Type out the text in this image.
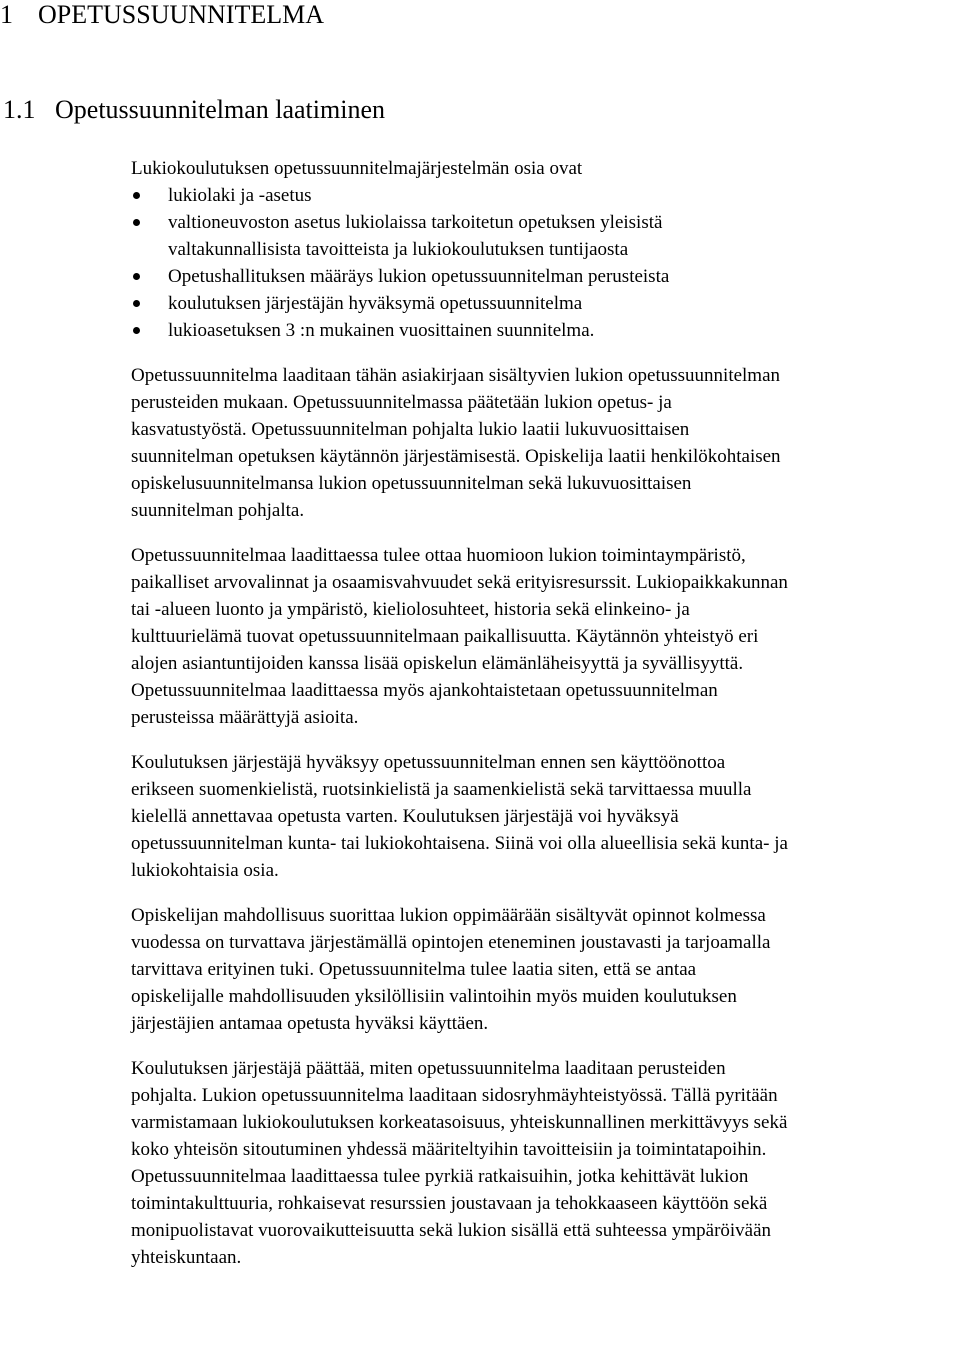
1 OPETUSSUUNNITELMA
1.1 Opetussuunnitelman laatiminen

Lukiokoulutuksen opetussuunnitelmajärjestelmän osia ovat

lukiolaki ja -asetus
valtioneuvoston asetus lukiolaissa tarkoitetun opetuksen yleisistä
valtakunnallisista tavoitteista ja lukiokoulutuksen tuntijaosta
Opetushallituksen määräys lukion opetussuunnitelman perusteista
koulutuksen järjestäjän hyväksymä opetussuunnitelma
lukioasetuksen 3 :n mukainen vuosittainen suunnitelma.

Opetussuunnitelma laaditaan tähän asiakirjaan sisältyvien lukion opetussuunnitelman
perusteiden mukaan. Opetussuunnitelmassa päätetään lukion opetus- ja
kasvatustyöstä. Opetussuunnitelman pohjalta lukio laatii lukuvuosittaisen
suunnitelman opetuksen käytännön järjestämisestä. Opiskelija laatii henkilökohtaisen
opiskelusuunnitelmansa lukion opetussuunnitelman sekä lukuvuosittaisen
suunnitelman pohjalta.

Opetussuunnitelmaa laadittaessa tulee ottaa huomioon lukion toimintaympäristö,
paikalliset arvovalinnat ja osaamisvahvuudet sekä erityisresurssit. Lukiopaikkakunnan
tai -alueen luonto ja ympäristö, kieliolosuhteet, historia sekä elinkeino- ja
kulttuurielämä tuovat opetussuunnitelmaan paikallisuutta. Käytännön yhteistyö eri
alojen asiantuntijoiden kanssa lisää opiskelun elämänläheisyyttä ja syvällisyyttä.
Opetussuunnitelmaa laadittaessa myös ajankohtaistetaan opetussuunnitelman
perusteissa määrättyjä asioita.

Koulutuksen järjestäjä hyväksyy opetussuunnitelman ennen sen käyttöönottoa
erikseen suomenkielistä, ruotsinkielistä ja saamenkielistä sekä tarvittaessa muulla
kielellä annettavaa opetusta varten. Koulutuksen järjestäjä voi hyväksyä
opetussuunnitelman kunta- tai lukiokohtaisena. Siinä voi olla alueellisia sekä kunta- ja
lukiokohtaisia osia.

Opiskelijan mahdollisuus suorittaa lukion oppimäärään sisältyvät opinnot kolmessa
vuodessa on turvattava järjestämällä opintojen eteneminen joustavasti ja tarjoamalla
tarvittava erityinen tuki. Opetussuunnitelma tulee laatia siten, että se antaa
opiskelijalle mahdollisuuden yksilöllisiin valintoihin myös muiden koulutuksen
järjestäjien antamaa opetusta hyväksi käyttäen.

Koulutuksen järjestäjä päättää, miten opetussuunnitelma laaditaan perusteiden
pohjalta. Lukion opetussuunnitelma laaditaan sidosryhmäyhteistyössä. Tällä pyritään
varmistamaan lukiokoulutuksen korkeatasoisuus, yhteiskunnallinen merkittävyys sekä
koko yhteisön sitoutuminen yhdessä määriteltyihin tavoitteisiin ja toimintatapoihin.
Opetussuunnitelmaa laadittaessa tulee pyrkiä ratkaisuihin, jotka kehittävät lukion
toimintakulttuuria, rohkaisevat resurssien joustavaan ja tehokkaaseen käyttöön sekä
monipuolistavat vuorovaikutteisuutta sekä lukion sisällä että suhteessa ympäröivään
yhteiskuntaan.
